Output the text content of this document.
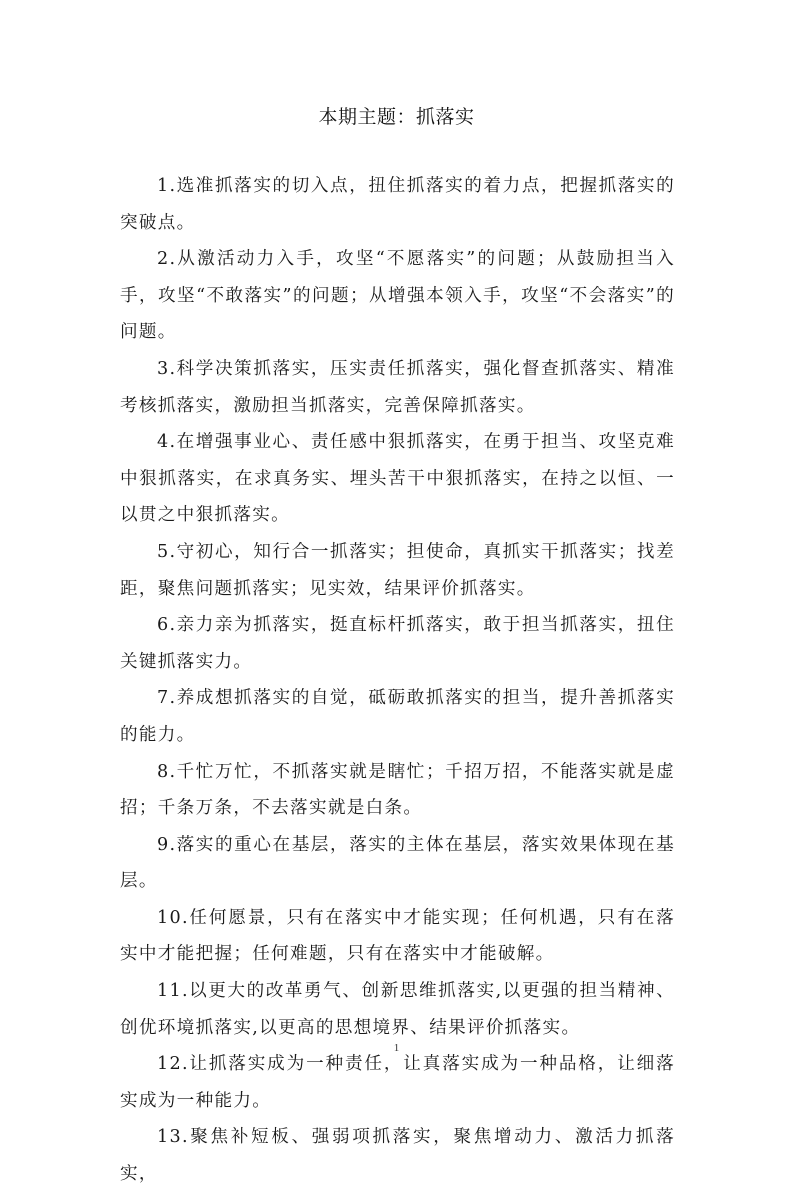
本期主题：抓落实

1.选准抓落实的切入点，扭住抓落实的着力点，把握抓落实的突破点。

2.从激活动力入手，攻坚“不愿落实”的问题；从鼓励担当入手，攻坚“不敢落实”的问题；从增强本领入手，攻坚“不会落实”的问题。

3.科学决策抓落实，压实责任抓落实，强化督查抓落实、精准考核抓落实，激励担当抓落实，完善保障抓落实。

4.在增强事业心、责任感中狠抓落实，在勇于担当、攻坚克难中狠抓落实，在求真务实、埋头苦干中狠抓落实，在持之以恒、一以贯之中狠抓落实。

5.守初心，知行合一抓落实；担使命，真抓实干抓落实；找差距，聚焦问题抓落实；见实效，结果评价抓落实。

6.亲力亲为抓落实，挺直标杆抓落实，敢于担当抓落实，扭住关键抓落实力。

7.养成想抓落实的自觉，砥砺敢抓落实的担当，提升善抓落实的能力。

8.千忙万忙，不抓落实就是瞎忙；千招万招，不能落实就是虚招；千条万条，不去落实就是白条。

9.落实的重心在基层，落实的主体在基层，落实效果体现在基层。

10.任何愿景，只有在落实中才能实现；任何机遇，只有在落实中才能把握；任何难题，只有在落实中才能破解。

11.以更大的改革勇气、创新思维抓落实,以更强的担当精神、创优环境抓落实,以更高的思想境界、结果评价抓落实。

12.让抓落实成为一种责任，让真落实成为一种品格，让细落实成为一种能力。

13.聚焦补短板、强弱项抓落实，聚焦增动力、激活力抓落实，

1
